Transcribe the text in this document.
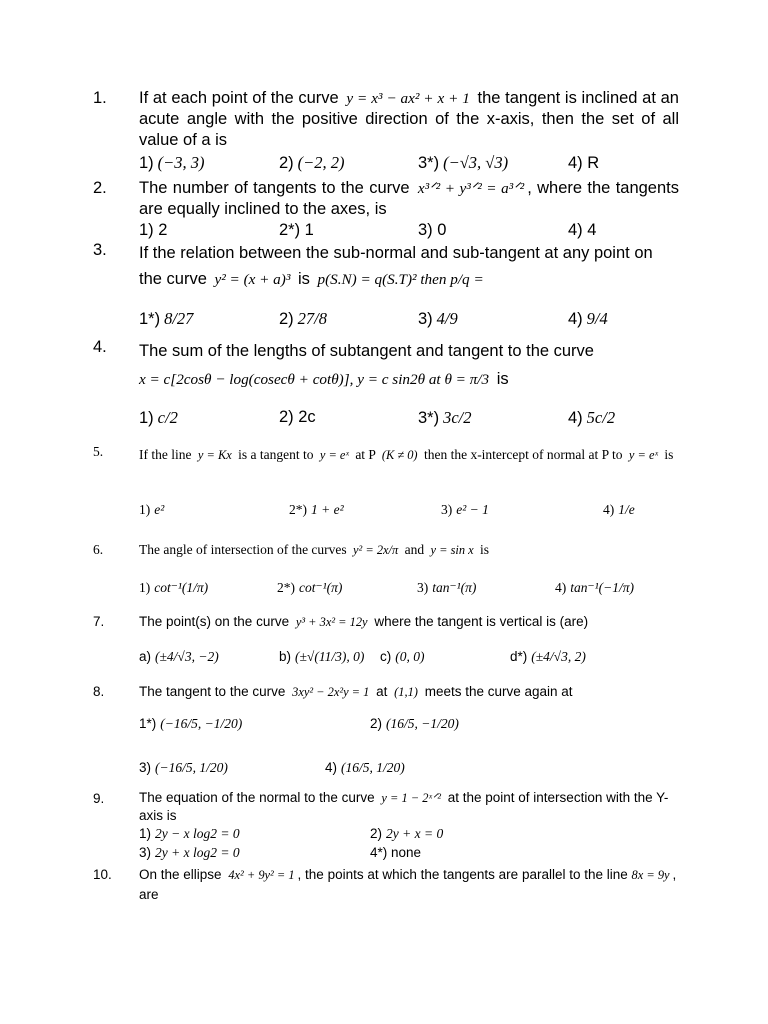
1. If at each point of the curve y = x³ − ax² + x + 1 the tangent is inclined at an acute angle with the positive direction of the x-axis, then the set of all value of a is
1) (−3, 3)	2) (−2, 2)	3*) (−√3, √3)	4) R
2. The number of tangents to the curve x³ᐟ² + y³ᐟ² = a³ᐟ² , where the tangents are equally inclined to the axes, is
1) 2	2*) 1	3) 0	4) 4
3. If the relation between the sub-normal and sub-tangent at any point on the curve y² = (x + a)³ is p(S.N) = q(S.T)² then p/q =
1*) 8/27	2) 27/8	3) 4/9	4) 9/4
4. The sum of the lengths of subtangent and tangent to the curve
x = c[2cosθ − log(cosecθ + cotθ)], y = c sin2θ at θ = π/3 is
1) c/2	2) 2c	3*) 3c/2	4) 5c/2
5.	If the line y = Kx is a tangent to y = eˣ at P (K ≠ 0) then the x-intercept of normal at P to y = eˣ is
1) e²	2*) 1 + e²	3) e² − 1	4) 1/e
6.	The angle of intersection of the curves y² = 2x/π and y = sin x is
1) cot⁻¹(1/π)	2*) cot⁻¹(π)	3) tan⁻¹(π)	4) tan⁻¹(−1/π)
7.	The point(s) on the curve y³ + 3x² = 12y where the tangent is vertical is (are)
a) (±4/√3, −2)	b) (±√(11/3), 0) c) (0, 0)	d*) (±4/√3, 2)
8.	The tangent to the curve 3xy² − 2x²y = 1 at (1,1) meets the curve again at
1*) (−16/5, −1/20)	2) (16/5, −1/20)
3) (−16/5, 1/20)	4) (16/5, 1/20)
9.	The equation of the normal to the curve y = 1 − 2ˣᐟ² at the point of intersection with the Y-axis is
1) 2y − x log2 = 0	2) 2y + x = 0
3) 2y + x log2 = 0	4*) none
10. On the ellipse 4x² + 9y² = 1 , the points at which the tangents are parallel to the line 8x = 9y , are
